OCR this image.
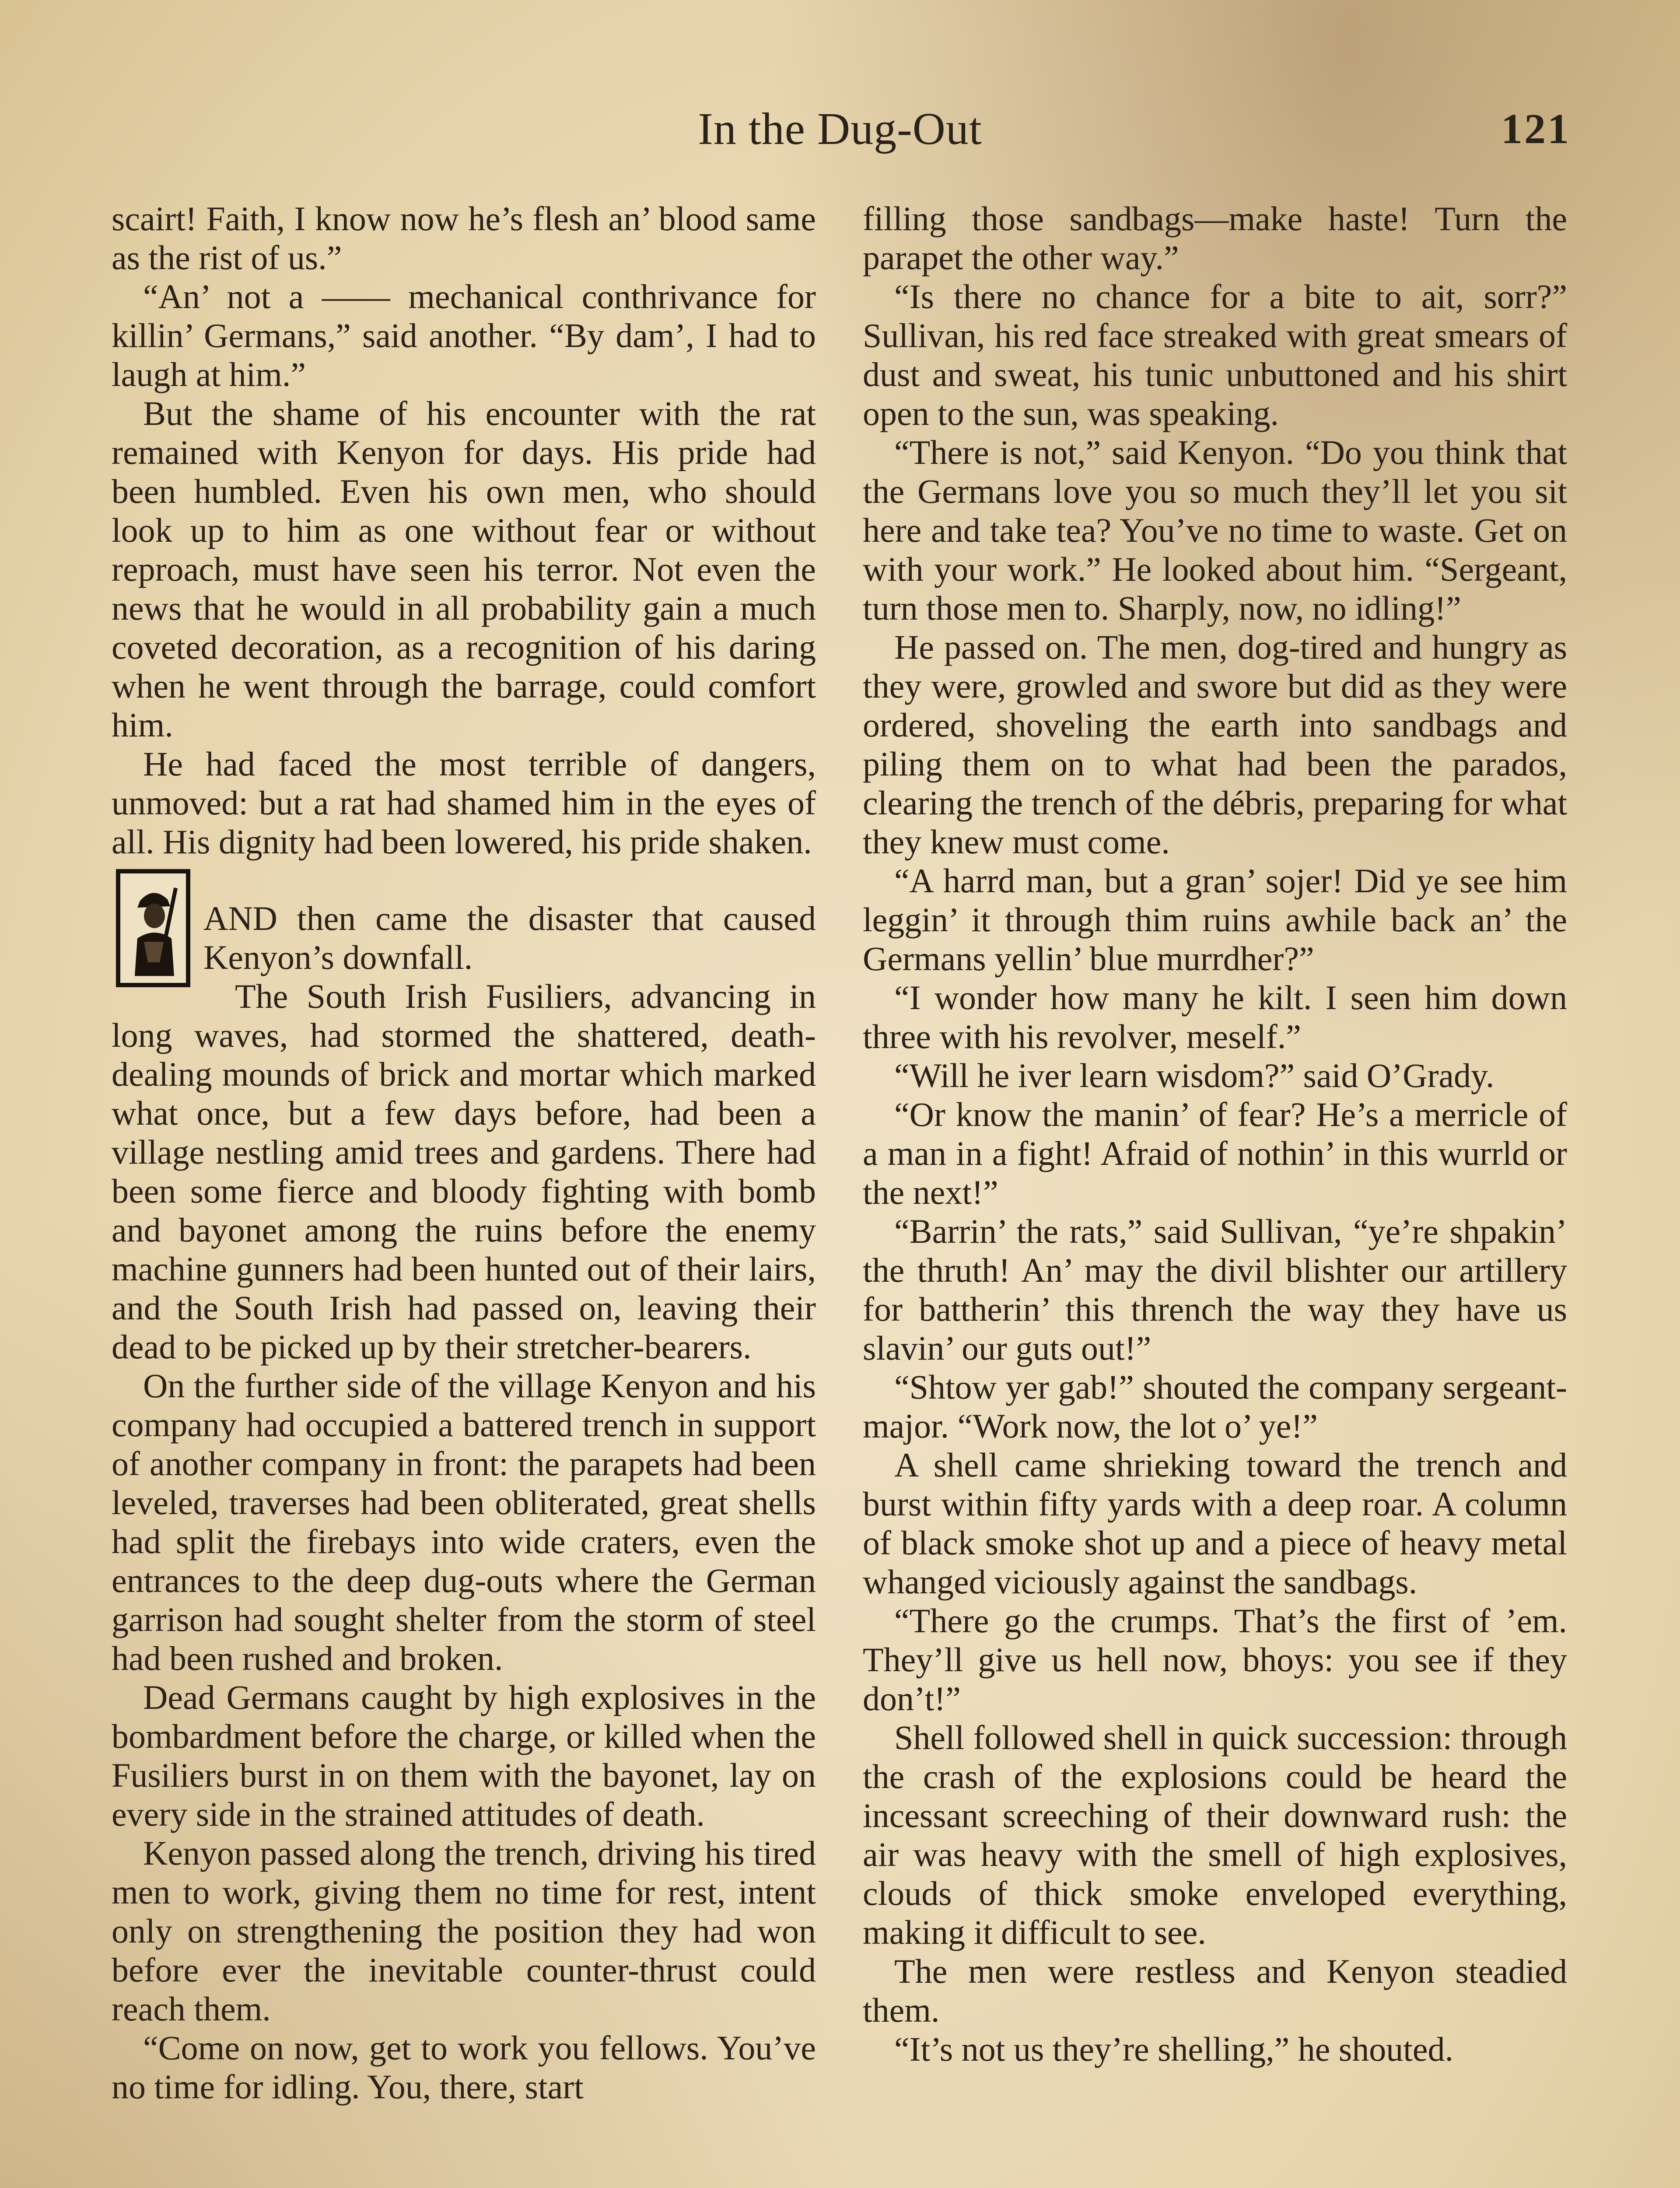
In the Dug-Out	121

scairt! Faith, I know now he’s flesh an’ blood same as the rist of us.”

“An’ not a —— mechanical conthrivance for killin’ Germans,” said another. “By dam’, I had to laugh at him.”

But the shame of his encounter with the rat remained with Kenyon for days. His pride had been humbled. Even his own men, who should look up to him as one without fear or without reproach, must have seen his terror. Not even the news that he would in all probability gain a much coveted decoration, as a recognition of his daring when he went through the barrage, could comfort him.

He had faced the most terrible of dangers, unmoved: but a rat had shamed him in the eyes of all. His dignity had been lowered, his pride shaken.

AND then came the disaster that caused Kenyon’s downfall.

The South Irish Fusiliers, advancing in long waves, had stormed the shattered, death-dealing mounds of brick and mortar which marked what once, but a few days before, had been a village nestling amid trees and gardens. There had been some fierce and bloody fighting with bomb and bayonet among the ruins before the enemy machine gunners had been hunted out of their lairs, and the South Irish had passed on, leaving their dead to be picked up by their stretcher-bearers.

On the further side of the village Kenyon and his company had occupied a battered trench in support of another company in front: the parapets had been leveled, traverses had been obliterated, great shells had split the firebays into wide craters, even the entrances to the deep dug-outs where the German garrison had sought shelter from the storm of steel had been rushed and broken.

Dead Germans caught by high explosives in the bombardment before the charge, or killed when the Fusiliers burst in on them with the bayonet, lay on every side in the strained attitudes of death.

Kenyon passed along the trench, driving his tired men to work, giving them no time for rest, intent only on strengthening the position they had won before ever the inevitable counter-thrust could reach them.

“Come on now, get to work you fellows. You’ve no time for idling. You, there, start

filling those sandbags—make haste! Turn the parapet the other way.”

“Is there no chance for a bite to ait, sorr?” Sullivan, his red face streaked with great smears of dust and sweat, his tunic unbuttoned and his shirt open to the sun, was speaking.

“There is not,” said Kenyon. “Do you think that the Germans love you so much they’ll let you sit here and take tea? You’ve no time to waste. Get on with your work.” He looked about him. “Sergeant, turn those men to. Sharply, now, no idling!”

He passed on. The men, dog-tired and hungry as they were, growled and swore but did as they were ordered, shoveling the earth into sandbags and piling them on to what had been the parados, clearing the trench of the débris, preparing for what they knew must come.

“A harrd man, but a gran’ sojer! Did ye see him leggin’ it through thim ruins awhile back an’ the Germans yellin’ blue murrdher?”

“I wonder how many he kilt. I seen him down three with his revolver, meself.”

“Will he iver learn wisdom?” said O’Grady.

“Or know the manin’ of fear? He’s a merricle of a man in a fight! Afraid of nothin’ in this wurrld or the next!”

“Barrin’ the rats,” said Sullivan, “ye’re shpakin’ the thruth! An’ may the divil blishter our artillery for battherin’ this thrench the way they have us slavin’ our guts out!”

“Shtow yer gab!” shouted the company sergeant-major. “Work now, the lot o’ ye!”

A shell came shrieking toward the trench and burst within fifty yards with a deep roar. A column of black smoke shot up and a piece of heavy metal whanged viciously against the sandbags.

“There go the crumps. That’s the first of ’em. They’ll give us hell now, bhoys: you see if they don’t!”

Shell followed shell in quick succession: through the crash of the explosions could be heard the incessant screeching of their downward rush: the air was heavy with the smell of high explosives, clouds of thick smoke enveloped everything, making it difficult to see.

The men were restless and Kenyon steadied them.

“It’s not us they’re shelling,” he shouted.
